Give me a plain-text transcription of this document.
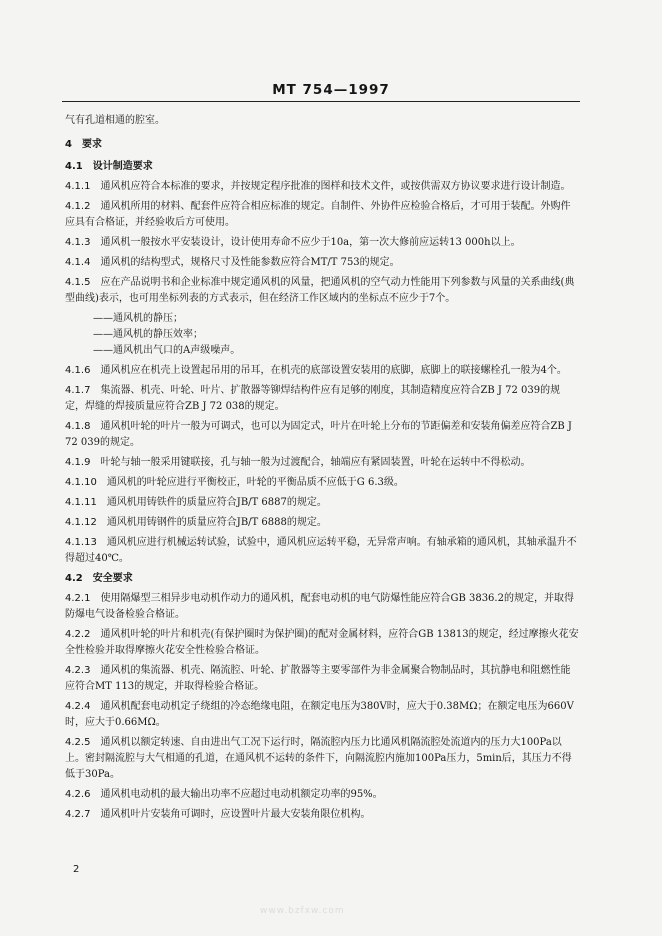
MT 754—1997

气有孔道相通的腔室。

4　 要求

4.1　 设计制造要求

4.1.1　 通风机应符合本标准的要求，并按规定程序批准的图样和技术文件，或按供需双方协议要求进行设计制造。

4.1.2　 通风机所用的材料、配套件应符合相应标准的规定。自制件、外协件应检验合格后，才可用于装配。外购件应具有合格证，并经验收后方可使用。

4.1.3　 通风机一般按水平安装设计，设计使用寿命不应少于10a，第一次大修前应运转13 000h以上。

4.1.4　 通风机的结构型式，规格尺寸及性能参数应符合MT/T 753的规定。

4.1.5　 应在产品说明书和企业标准中规定通风机的风量，把通风机的空气动力性能用下列参数与风量的关系曲线(典型曲线)表示，也可用坐标列表的方式表示，但在经济工作区域内的坐标点不应少于7个。

——通风机的静压；

——通风机的静压效率；

——通风机出气口的A声级噪声。

4.1.6　 通风机应在机壳上设置起吊用的吊耳，在机壳的底部设置安装用的底脚，底脚上的联接螺栓孔一般为4个。

4.1.7　 集流器、机壳、叶轮、叶片、扩散器等铆焊结构件应有足够的刚度，其制造精度应符合ZB J 72 039的规定，焊缝的焊接质量应符合ZB J 72 038的规定。

4.1.8　 通风机叶轮的叶片一般为可调式，也可以为固定式，叶片在叶轮上分布的节距偏差和安装角偏差应符合ZB J 72 039的规定。

4.1.9　 叶轮与轴一般采用键联接，孔与轴一般为过渡配合，轴端应有紧固装置，叶轮在运转中不得松动。

4.1.10　 通风机的叶轮应进行平衡校正，叶轮的平衡品质不应低于G 6.3级。

4.1.11　 通风机用铸铁件的质量应符合JB/T 6887的规定。

4.1.12　 通风机用铸钢件的质量应符合JB/T 6888的规定。

4.1.13　 通风机应进行机械运转试验，试验中，通风机应运转平稳，无异常声响。有轴承箱的通风机，其轴承温升不得超过40℃。

4.2　 安全要求

4.2.1　 使用隔爆型三相异步电动机作动力的通风机，配套电动机的电气防爆性能应符合GB 3836.2的规定，并取得防爆电气设备检验合格证。

4.2.2　 通风机叶轮的叶片和机壳(有保护圈时为保护圈)的配对金属材料，应符合GB 13813的规定，经过摩擦火花安全性检验并取得摩擦火花安全性检验合格证。

4.2.3　 通风机的集流器、机壳、隔流腔、叶轮、扩散器等主要零部件为非金属聚合物制品时，其抗静电和阻燃性能应符合MT 113的规定，并取得检验合格证。

4.2.4　 通风机配套电动机定子绕组的冷态绝缘电阻，在额定电压为380V时，应大于0.38MΩ；在额定电压为660V时，应大于0.66MΩ。

4.2.5　 通风机以额定转速、自由进出气工况下运行时，隔流腔内压力比通风机隔流腔处流道内的压力大100Pa以上。密封隔流腔与大气相通的孔道，在通风机不运转的条件下，向隔流腔内施加100Pa压力，5min后，其压力不得低于30Pa。

4.2.6　 通风机电动机的最大输出功率不应超过电动机额定功率的95%。

4.2.7　 通风机叶片安装角可调时，应设置叶片最大安装角限位机构。

2
www.bzfxw.com
